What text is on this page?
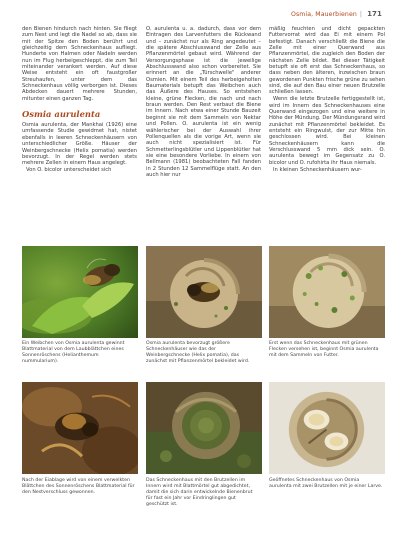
Osmia, Mauerbienen | 171

den Bienen hindurch nach hinten. Sie fliegt zum Nest und legt die Nadel so ab, dass sie mit der Spitze den Boden berührt und gleichzeitig dem Schneckenhaus aufliegt. Hunderte von Halmen oder Nadeln werden nun im Flug herbeigeschleppt, die zum Teil miteinander verankert werden. Auf diese Weise entsteht ein oft faustgroßer Streuhaufen, unter dem das Schneckenhaus völlig verborgen ist. Dieses Abdecken dauert mehrere Stunden, mitunter einen ganzen Tag.

Osmia aurulenta

Osmia aurulenta, der Mankhai (1926) eine umfassende Studie gewidmet hat, nistet ebenfalls in leeren Schneckenhäusern von unterschiedlicher Größe. Häuser der Weinbergschnecke (Helix pomatia) werden bevorzugt. In der Regel werden stets mehrere Zellen in einem Haus angelegt.

Von O. bicolor unterscheidet sich

O. aurulenta u. a. dadurch, dass vor dem Eintragen des Larvenfutters die Rückwand und – zunächst nur als Ring angedeutet – die spätere Abschlusswand der Zelle aus Pflanzenmörtel gebaut wird. Während der Versorgungsphase ist die jeweilige Abschlusswand also schon vorbereitet. Sie erinnert an die „Türschwelle" anderer Osmien. Mit einem Teil des herbeigeholten Baumaterials betupft das Weibchen auch das Äußere des Hauses. So entstehen kleine, grüne Flecken, die nach und nach braun werden. Den Rest verbaut die Biene im Innern. Nach etwa einer Stunde Bauzeit beginnt sie mit dem Sammeln von Nektar und Pollen. O. aurulenta ist ein wenig wählerischer bei der Auswahl ihrer Pollenquellen als die vorige Art, wenn sie auch nicht spezialisiert ist. Für Schmetterlingsblütler und Lippenblütler hat sie eine besondere Vorliebe. In einem von Bellmann (1981) beobachteten Fall fanden in 2 Stunden 12 Sammelflüge statt. An den auch hier nur

mäßig feuchten und dicht gepackten Futtervorrat wird das Ei mit einem Pol befestigt. Danach verschließt die Biene die Zelle mit einer Querwand aus Pflanzenmörtel, die zugleich den Boden der nächsten Zelle bildet. Bei dieser Tätigkeit betupft sie oft erst das Schneckenhaus, so dass neben den älteren, inzwischen braun gewordenen Punkten frische grüne zu sehen sind, die auf den Bau einer neuen Brutzelle schließen lassen.

Wenn die letzte Brutzelle fertiggestellt ist, wird im Innern des Schneckenhauses eine Querwand eingezogen und eine weitere in Höhe der Mündung. Der Mündungsrand wird zunächst mit Pflanzenmörtel bekleidet. Es entsteht ein Ringwulst, der zur Mitte hin geschlossen wird. Bei kleinen Schneckenhäusern kann die Verschlusswand 5 mm dick sein. O. aurulenta bewegt im Gegensatz zu O. bicolor und O. rufohirta ihr Haus niemals.

In kleinen Schneckenhäusern wur-

Ein Weibchen von Osmia aurulenta gewinnt Blattmaterial von dem Laubblättchen eines Sonnenröschens (Helianthemum nummularium).
Osmia aurulenta bevorzugt größere Schneckenhäuser wie das der Weinbergschnecke (Helix pomatia), das zunächst mit Pflanzenmörtel bekleidet wird.
Erst wenn das Schneckenhaus mit grünen Flecken versehen ist, beginnt Osmia aurulenta mit dem Sammeln von Futter.
Nach der Eiablage wird von einem verwelkten Blättchen des Sonnenröschens Blattmaterial für den Nestverschluss gewonnen.
Das Schneckenhaus mit den Brutzellen im Innern wird mit Blattmörtel gut abgedichtet, damit die sich darin entwickelnde Bienenbrut für fast ein Jahr vor Eindringlingen gut geschützt ist.
Geöffnetes Schneckenhaus von Osmia aurulenta mit zwei Brutzellen mit je einer Larve.
